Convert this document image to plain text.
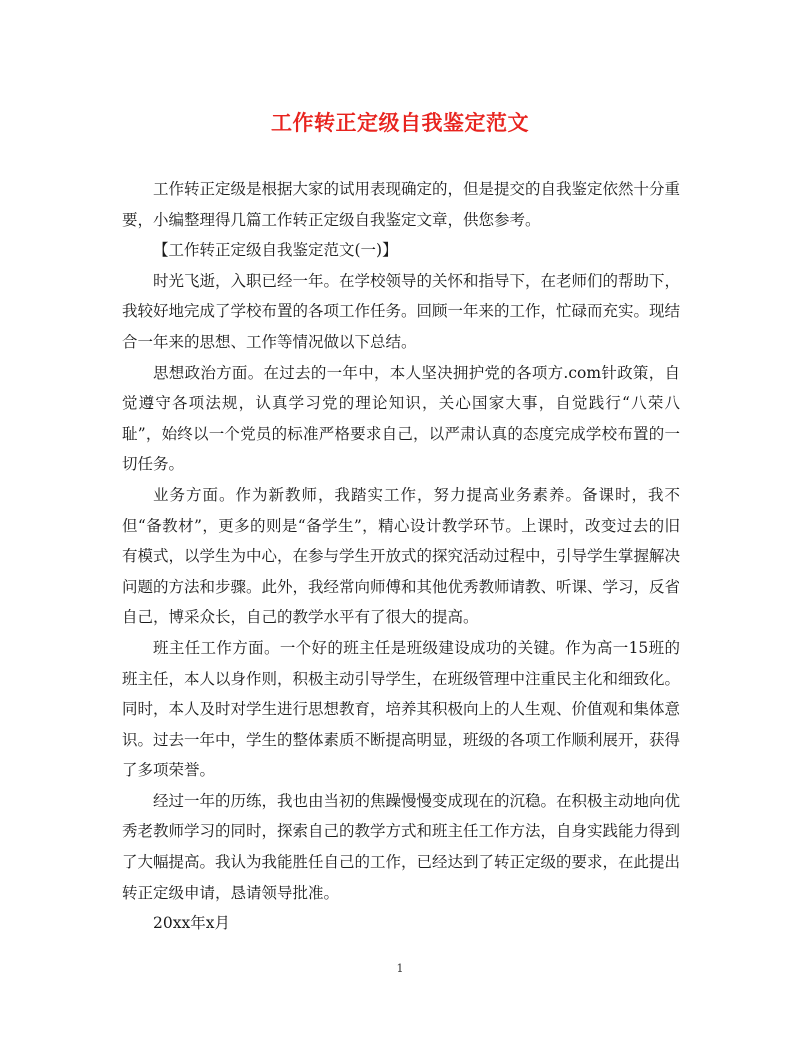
工作转正定级自我鉴定范文

工作转正定级是根据大家的试用表现确定的，但是提交的自我鉴定依然十分重要，小编整理得几篇工作转正定级自我鉴定文章，供您参考。

【工作转正定级自我鉴定范文(一)】

时光飞逝，入职已经一年。在学校领导的关怀和指导下，在老师们的帮助下，我较好地完成了学校布置的各项工作任务。回顾一年来的工作，忙碌而充实。现结合一年来的思想、工作等情况做以下总结。

思想政治方面。在过去的一年中，本人坚决拥护党的各项方.com针政策，自觉遵守各项法规，认真学习党的理论知识，关心国家大事，自觉践行“八荣八耻”，始终以一个党员的标准严格要求自己，以严肃认真的态度完成学校布置的一切任务。

业务方面。作为新教师，我踏实工作，努力提高业务素养。备课时，我不但“备教材”，更多的则是“备学生”，精心设计教学环节。上课时，改变过去的旧有模式，以学生为中心，在参与学生开放式的探究活动过程中，引导学生掌握解决问题的方法和步骤。此外，我经常向师傅和其他优秀教师请教、听课、学习，反省自己，博采众长，自己的教学水平有了很大的提高。

班主任工作方面。一个好的班主任是班级建设成功的关键。作为高一15班的班主任，本人以身作则，积极主动引导学生，在班级管理中注重民主化和细致化。同时，本人及时对学生进行思想教育，培养其积极向上的人生观、价值观和集体意识。过去一年中，学生的整体素质不断提高明显，班级的各项工作顺利展开，获得了多项荣誉。

经过一年的历练，我也由当初的焦躁慢慢变成现在的沉稳。在积极主动地向优秀老教师学习的同时，探索自己的教学方式和班主任工作方法，自身实践能力得到了大幅提高。我认为我能胜任自己的工作，已经达到了转正定级的要求，在此提出转正定级申请，恳请领导批准。

20xx年x月

1
